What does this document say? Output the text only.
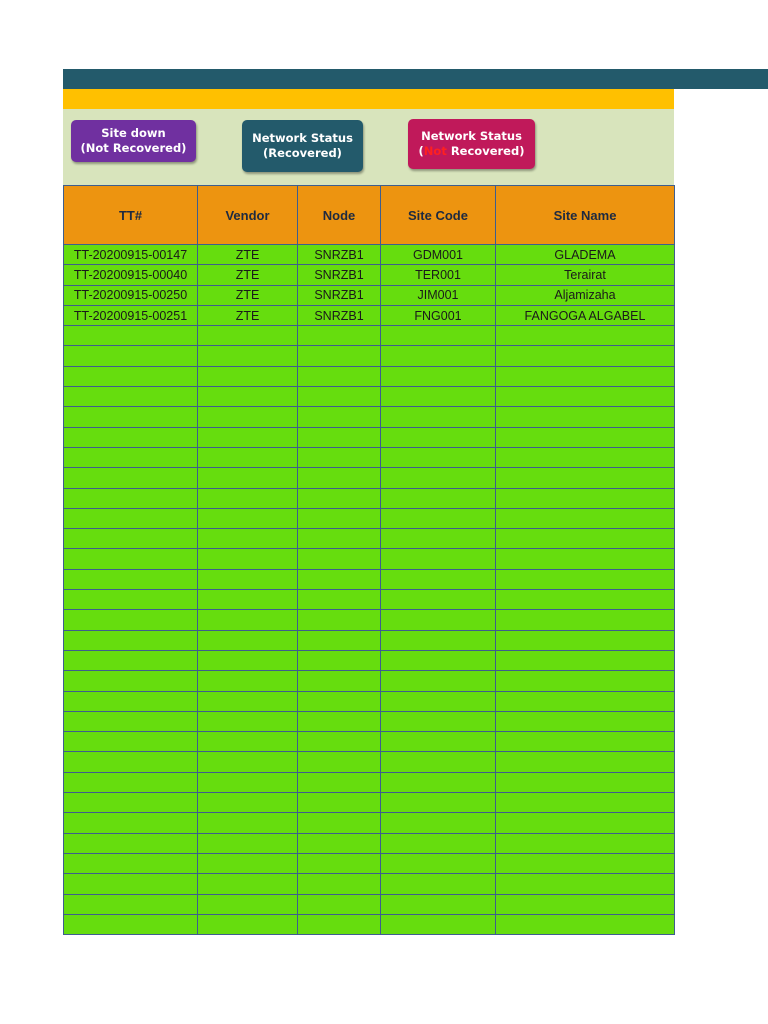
Site down
(Not Recovered)
Network Status
(Recovered)
Network Status
(Not Recovered)
TT#	Vendor	Node	Site Code	Site Name
TT-20200915-00147	ZTE	SNRZB1	GDM001	GLADEMA
TT-20200915-00040	ZTE	SNRZB1	TER001	Terairat
TT-20200915-00250	ZTE	SNRZB1	JIM001	Aljamizaha
TT-20200915-00251	ZTE	SNRZB1	FNG001	FANGOGA ALGABEL
